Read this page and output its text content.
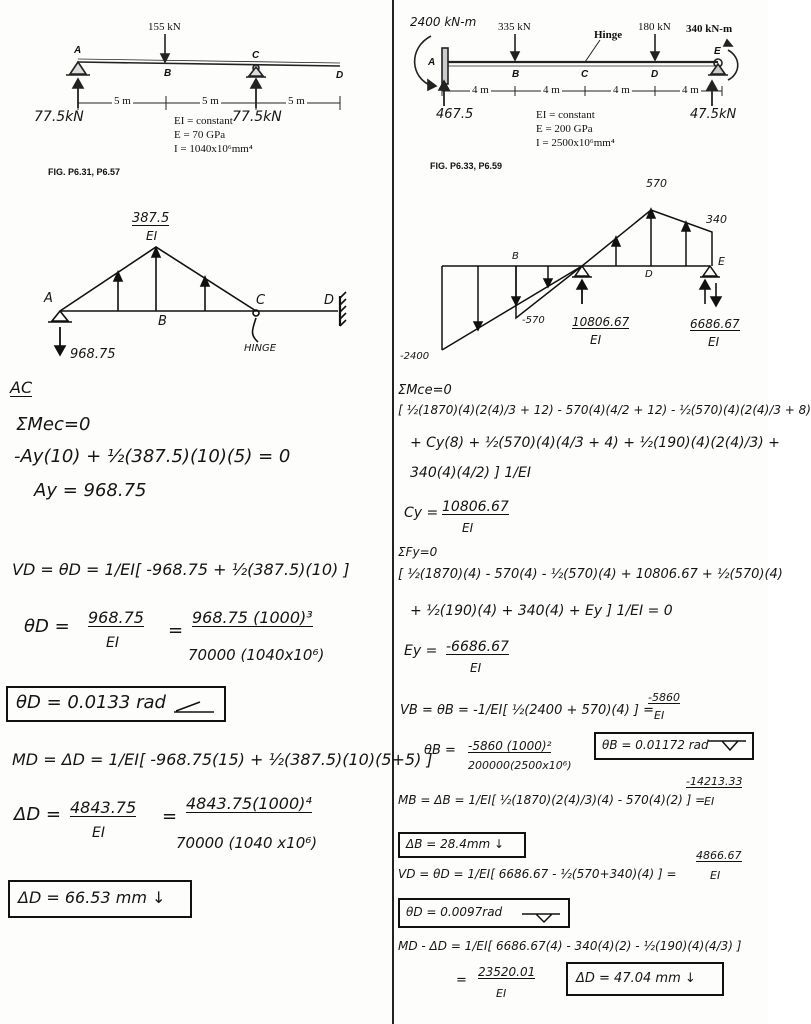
155 kN
A
B
C
D
5 m	5 m	5 m
77.5kN	77.5kN
EI = constant
E = 70 GPa
I = 1040x10⁶mm⁴
FIG. P6.31, P6.57
387.5
EI
A
B
C	D
968.75	HINGE
AC
ΣMec=0
-Ay(10) + ½(387.5)(10)(5) = 0
Ay = 968.75
VD = θD = 1/EI[ -968.75 + ½(387.5)(10) ]
θD = 968.75
EI
=
968.75 (1000)³
70000 (1040x10⁶)
θD = 0.0133 rad
MD = ΔD = 1/EI[ -968.75(15) + ½(387.5)(10)(5+5) ]
ΔD = 4843.75
EI
=
4843.75(1000)⁴
70000 (1040 x10⁶)
ΔD = 66.53 mm ↓
2400 kN-m 335 kN
Hinge
180 kN 340 kN-m
A
B	C	D
E
4 m	4 m	4 m	4 m
467.5	47.5kN
EI = constant
E = 200 GPa
I = 2500x10⁶mm⁴
FIG. P6.33, P6.59
570
340
B
D
E
-570
-2400
10806.67
EI
6686.67
EI
ΣMce=0
[ ½(1870)(4)(2(4)/3 + 12) - 570(4)(4/2 + 12) - ½(570)(4)(2(4)/3 + 8)
+ Cy(8) + ½(570)(4)(4/3 + 4) + ½(190)(4)(2(4)/3) +
340(4)(4/2) ] 1/EI
Cy = 10806.67
EI
ΣFy=0
[ ½(1870)(4) - 570(4) - ½(570)(4) + 10806.67 + ½(570)(4)
+ ½(190)(4) + 340(4) + Ey ] 1/EI = 0
Ey = -6686.67
EI
VB = θB = -1/EI[ ½(2400 + 570)(4) ] =
-5860
EI
θB = -5860 (1000)²
200000(2500x10⁶)
θB = 0.01172 rad
MB = ΔB = 1/EI[ ½(1870)(2(4)/3)(4) - 570(4)(2) ] =
-14213.33
EI
ΔB = 28.4mm ↓
VD = θD = 1/EI[ 6686.67 - ½(570+340)(4) ] =
4866.67
EI
θD = 0.0097rad
MD - ΔD = 1/EI[ 6686.67(4) - 340(4)(2) - ½(190)(4)(4/3) ]
=
23520.01
EI
ΔD = 47.04 mm ↓
